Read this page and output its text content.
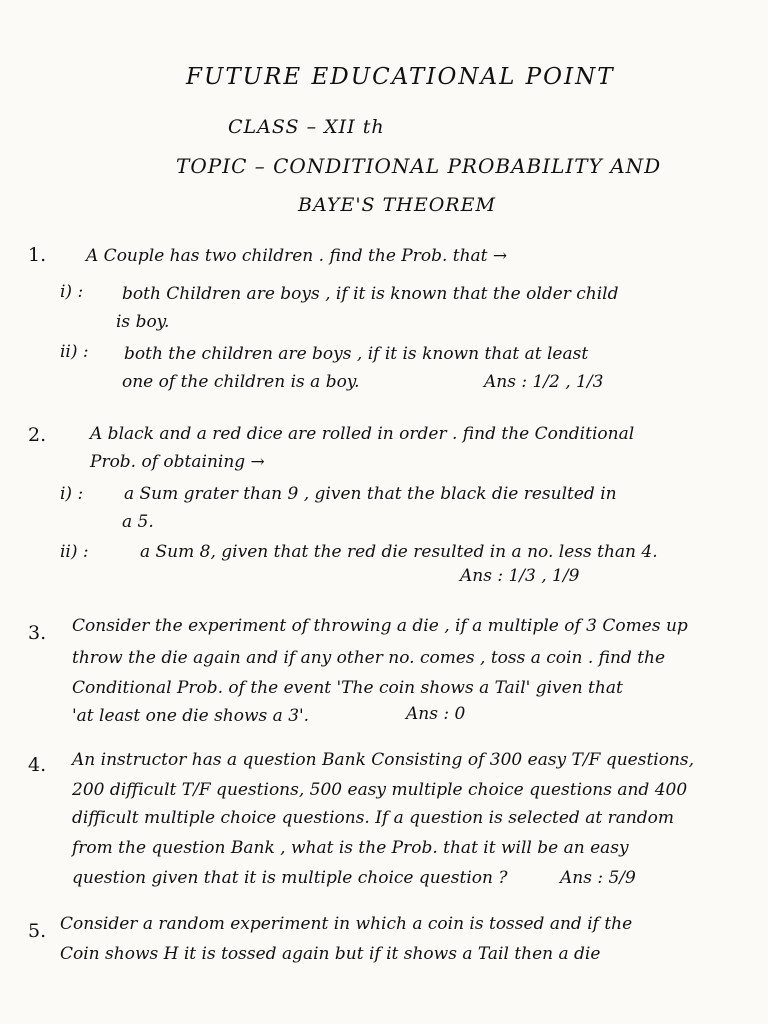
FUTURE EDUCATIONAL POINT
CLASS – XII th
TOPIC – CONDITIONAL PROBABILITY AND
BAYE'S THEOREM
1. A Couple has two children . find the Prob. that →
i) : both Children are boys , if it is known that the older child
is boy.
ii) : both the children are boys , if it is known that at least
one of the children is a boy.	Ans : 1/2 , 1/3
2.	A black and a red dice are rolled in order . find the Conditional
Prob. of obtaining →
i) : a Sum grater than 9 , given that the black die resulted in
a 5.
ii) :	a Sum 8, given that the red die resulted in a no. less than 4.
Ans : 1/3 , 1/9
3. Consider the experiment of throwing a die , if a multiple of 3 Comes up
throw the die again and if any other no. comes , toss a coin . find the
Conditional Prob. of the event 'The coin shows a Tail' given that
'at least one die shows a 3'.	Ans : 0
4. An instructor has a question Bank Consisting of 300 easy T/F questions,
200 difficult T/F questions, 500 easy multiple choice questions and 400
difficult multiple choice questions. If a question is selected at random
from the question Bank , what is the Prob. that it will be an easy
question given that it is multiple choice question ?	Ans : 5/9
5. Consider a random experiment in which a coin is tossed and if the
Coin shows H it is tossed again but if it shows a Tail then a die
